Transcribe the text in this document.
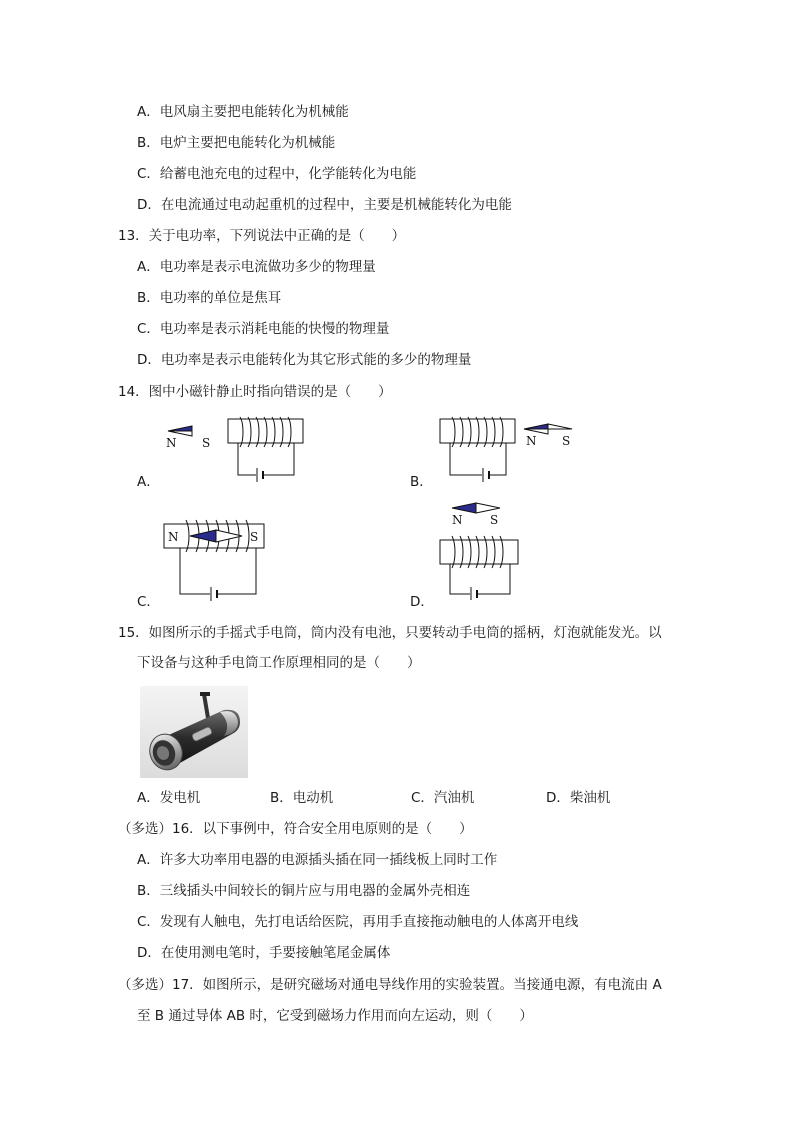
A．电风扇主要把电能转化为机械能
B．电炉主要把电能转化为机械能
C．给蓄电池充电的过程中，化学能转化为电能
D．在电流通过电动起重机的过程中，主要是机械能转化为电能
13．关于电功率，下列说法中正确的是（　　）
A．电功率是表示电流做功多少的物理量
B．电功率的单位是焦耳
C．电功率是表示消耗电能的快慢的物理量
D．电功率是表示电能转化为其它形式能的多少的物理量
14．图中小磁针静止时指向错误的是（　　）
N S
A．
N S
B．
N	S
C．
N S
D．
15．如图所示的手摇式手电筒，筒内没有电池，只要转动手电筒的摇柄，灯泡就能发光。以
下设备与这种手电筒工作原理相同的是（　　）
A．发电机	B．电动机	C．汽油机	D．柴油机
（多选）16．以下事例中，符合安全用电原则的是（　　）
A．许多大功率用电器的电源插头插在同一插线板上同时工作
B．三线插头中间较长的铜片应与用电器的金属外壳相连
C．发现有人触电，先打电话给医院，再用手直接拖动触电的人体离开电线
D．在使用测电笔时，手要接触笔尾金属体
（多选）17．如图所示，是研究磁场对通电导线作用的实验装置。当接通电源，有电流由 A
至 B 通过导体 AB 时，它受到磁场力作用而向左运动，则（　　）
